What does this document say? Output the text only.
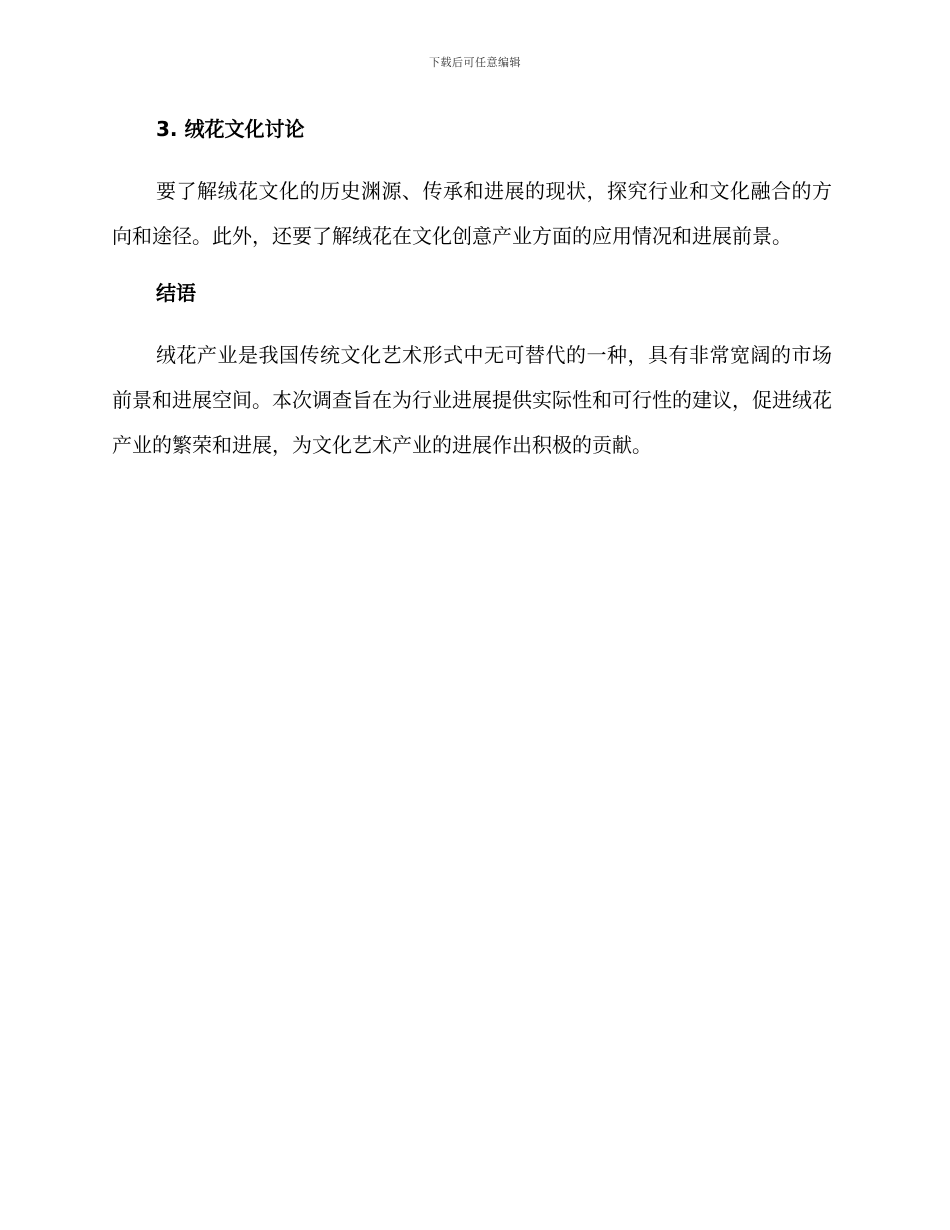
下载后可任意编辑
3. 绒花文化讨论

要了解绒花文化的历史渊源、传承和进展的现状，探究行业和文化融合的方向和途径。此外，还要了解绒花在文化创意产业方面的应用情况和进展前景。

结语

绒花产业是我国传统文化艺术形式中无可替代的一种，具有非常宽阔的市场前景和进展空间。本次调查旨在为行业进展提供实际性和可行性的建议，促进绒花产业的繁荣和进展，为文化艺术产业的进展作出积极的贡献。
